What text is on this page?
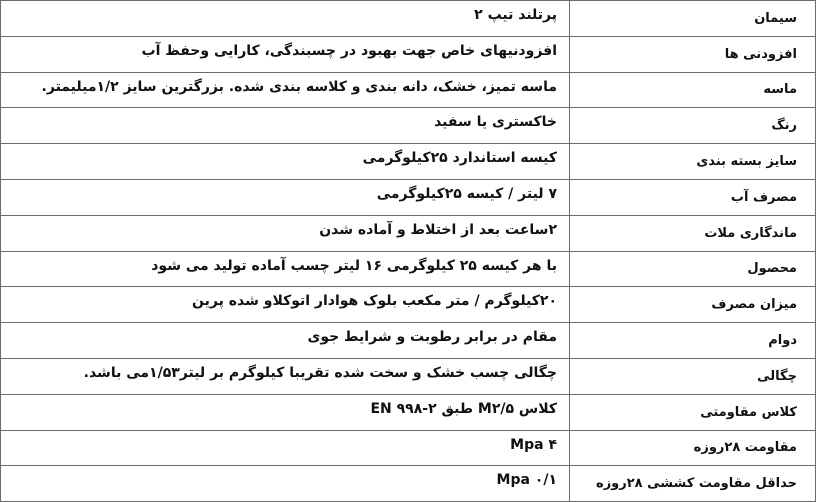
سیمان	پرتلند تیپ ۲
افزودنی ها	افزودنیهای خاص جهت بهبود در چسبندگی، کارایی وحفظ آب
ماسه	ماسه تمیز، خشک، دانه بندی و کلاسه بندی شده. بزرگترین سایز ۱/۲میلیمتر.
رنگ	خاکستری یا سفید
سایز بسته بندی	کیسه استاندارد ۲۵کیلوگرمی
مصرف آب	۷ لیتر / کیسه ۲۵کیلوگرمی
ماندگاری ملات	۲ساعت بعد از اختلاط و آماده شدن
محصول	با هر کیسه ۲۵ کیلوگرمی ۱۶ لیتر چسب آماده تولید می شود
میزان مصرف	۲۰کیلوگرم / متر مکعب بلوک هوادار اتوکلاو شده پرین
دوام	مقام در برابر رطوبت و شرایط جوی
چگالی	چگالی چسب خشک و سخت شده تقریبا کیلوگرم بر لیتر۱/۵۳می باشد.
کلاس مقاومتی	کلاس M۲/۵ طبق ۲-۹۹۸ EN
مقاومت ۲۸روزه	Mpa ۴
حداقل مقاومت کششی ۲۸روزه	Mpa ۰/۱
